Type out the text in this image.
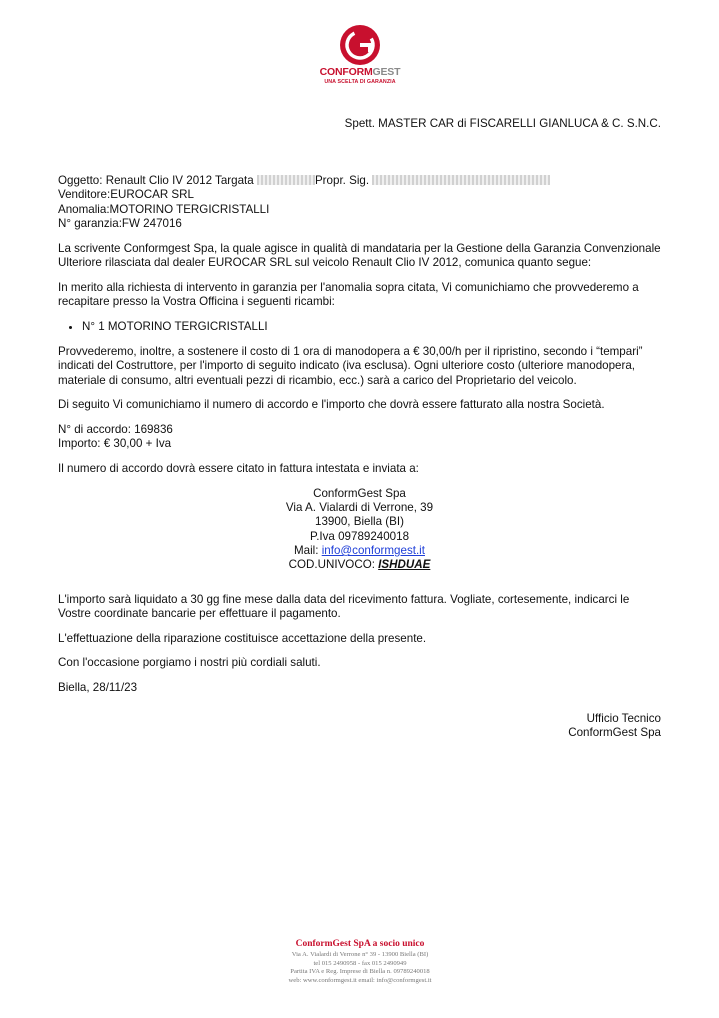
CONFORMGEST
UNA SCELTA DI GARANZIA
Spett. MASTER CAR di FISCARELLI GIANLUCA & C. S.N.C.
Oggetto: Renault Clio IV 2012 Targata	Propr. Sig.
Venditore:EUROCAR SRL
Anomalia:MOTORINO TERGICRISTALLI

N° garanzia:FW 247016

La scrivente Conformgest Spa, la quale agisce in qualità di mandataria per la Gestione della Garanzia Convenzionale Ulteriore rilasciata dal dealer EUROCAR SRL sul veicolo Renault Clio IV 2012, comunica quanto segue:

In merito alla richiesta di intervento in garanzia per l'anomalia sopra citata, Vi comunichiamo che provvederemo a recapitare presso la Vostra Officina i seguenti ricambi:

• N° 1 MOTORINO TERGICRISTALLI

Provvederemo, inoltre, a sostenere il costo di 1 ora di manodopera a € 30,00/h per il ripristino, secondo i “tempari” indicati del Costruttore, per l'importo di seguito indicato (iva esclusa). Ogni ulteriore costo (ulteriore manodopera, materiale di consumo, altri eventuali pezzi di ricambio, ecc.) sarà a carico del Proprietario del veicolo.

Di seguito Vi comunichiamo il numero di accordo e l'importo che dovrà essere fatturato alla nostra Società.

N° di accordo: 169836

Importo: € 30,00 + Iva

Il numero di accordo dovrà essere citato in fattura intestata e inviata a:

ConformGest Spa
Via A. Vialardi di Verrone, 39
13900, Biella (BI)
P.Iva 09789240018
Mail: info@conformgest.it
COD.UNIVOCO: ISHDUAE

L'importo sarà liquidato a 30 gg fine mese dalla data del ricevimento fattura. Vogliate, cortesemente, indicarci le Vostre coordinate bancarie per effettuare il pagamento.

L'effettuazione della riparazione costituisce accettazione della presente.

Con l'occasione porgiamo i nostri più cordiali saluti.

Biella, 28/11/23

Ufficio Tecnico
ConformGest Spa
ConformGest SpA a socio unico
Via A. Vialardi di Verrone n° 39 - 13900 Biella (BI)
tel 015 2490958 - fax 015 2490949
Partita IVA e Reg. Imprese di Biella n. 09789240018
web: www.conformgest.it email: info@conformgest.it
